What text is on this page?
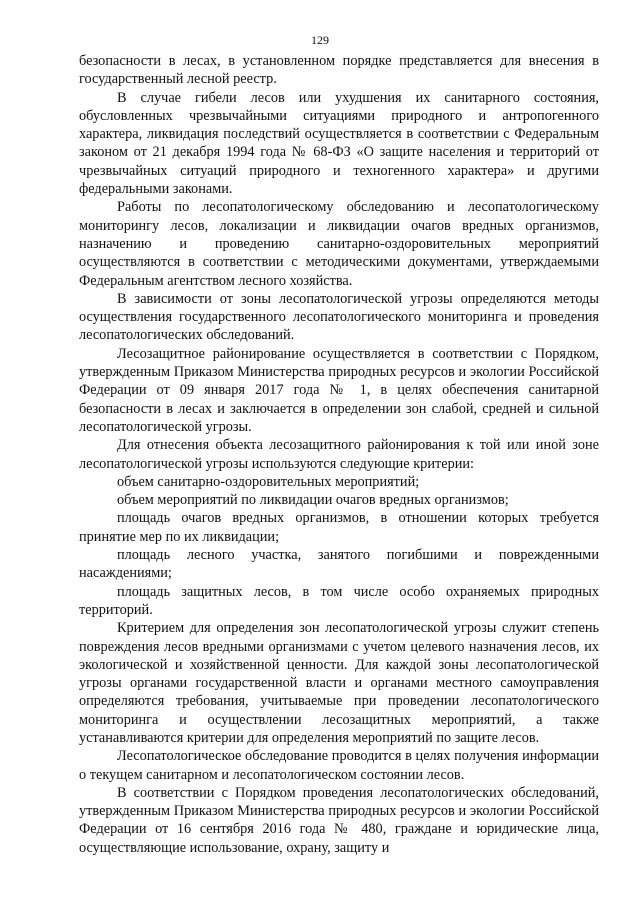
129

безопасности в лесах, в установленном порядке представляется для внесения в государственный лесной реестр.

В случае гибели лесов или ухудшения их санитарного состояния, обусловленных чрезвычайными ситуациями природного и антропогенного характера, ликвидация последствий осуществляется в соответствии с Федеральным законом от 21 декабря 1994 года № 68-ФЗ «О защите населения и территорий от чрезвычайных ситуаций природного и техногенного характера» и другими федеральными законами.

Работы по лесопатологическому обследованию и лесопатологическому мониторингу лесов, локализации и ликвидации очагов вредных организмов, назначению и проведению санитарно-оздоровительных мероприятий осуществляются в соответствии с методическими документами, утверждаемыми Федеральным агентством лесного хозяйства.

В зависимости от зоны лесопатологической угрозы определяются методы осуществления государственного лесопатологического мониторинга и проведения лесопатологических обследований.

Лесозащитное районирование осуществляется в соответствии с Порядком, утвержденным Приказом Министерства природных ресурсов и экологии Российской Федерации от 09 января 2017 года № 1, в целях обеспечения санитарной безопасности в лесах и заключается в определении зон слабой, средней и сильной лесопатологической угрозы.

Для отнесения объекта лесозащитного районирования к той или иной зоне лесопатологической угрозы используются следующие критерии:

объем санитарно-оздоровительных мероприятий;

объем мероприятий по ликвидации очагов вредных организмов;

площадь очагов вредных организмов, в отношении которых требуется принятие мер по их ликвидации;

площадь лесного участка, занятого погибшими и поврежденными насаждениями;

площадь защитных лесов, в том числе особо охраняемых природных территорий.

Критерием для определения зон лесопатологической угрозы служит степень повреждения лесов вредными организмами с учетом целевого назначения лесов, их экологической и хозяйственной ценности. Для каждой зоны лесопатологической угрозы органами государственной власти и органами местного самоуправления определяются требования, учитываемые при проведении лесопатологического мониторинга и осуществлении лесозащитных мероприятий, а также устанавливаются критерии для определения мероприятий по защите лесов.

Лесопатологическое обследование проводится в целях получения информации о текущем санитарном и лесопатологическом состоянии лесов.

В соответствии с Порядком проведения лесопатологических обследований, утвержденным Приказом Министерства природных ресурсов и экологии Российской Федерации от 16 сентября 2016 года № 480, граждане и юридические лица, осуществляющие использование, охрану, защиту и
